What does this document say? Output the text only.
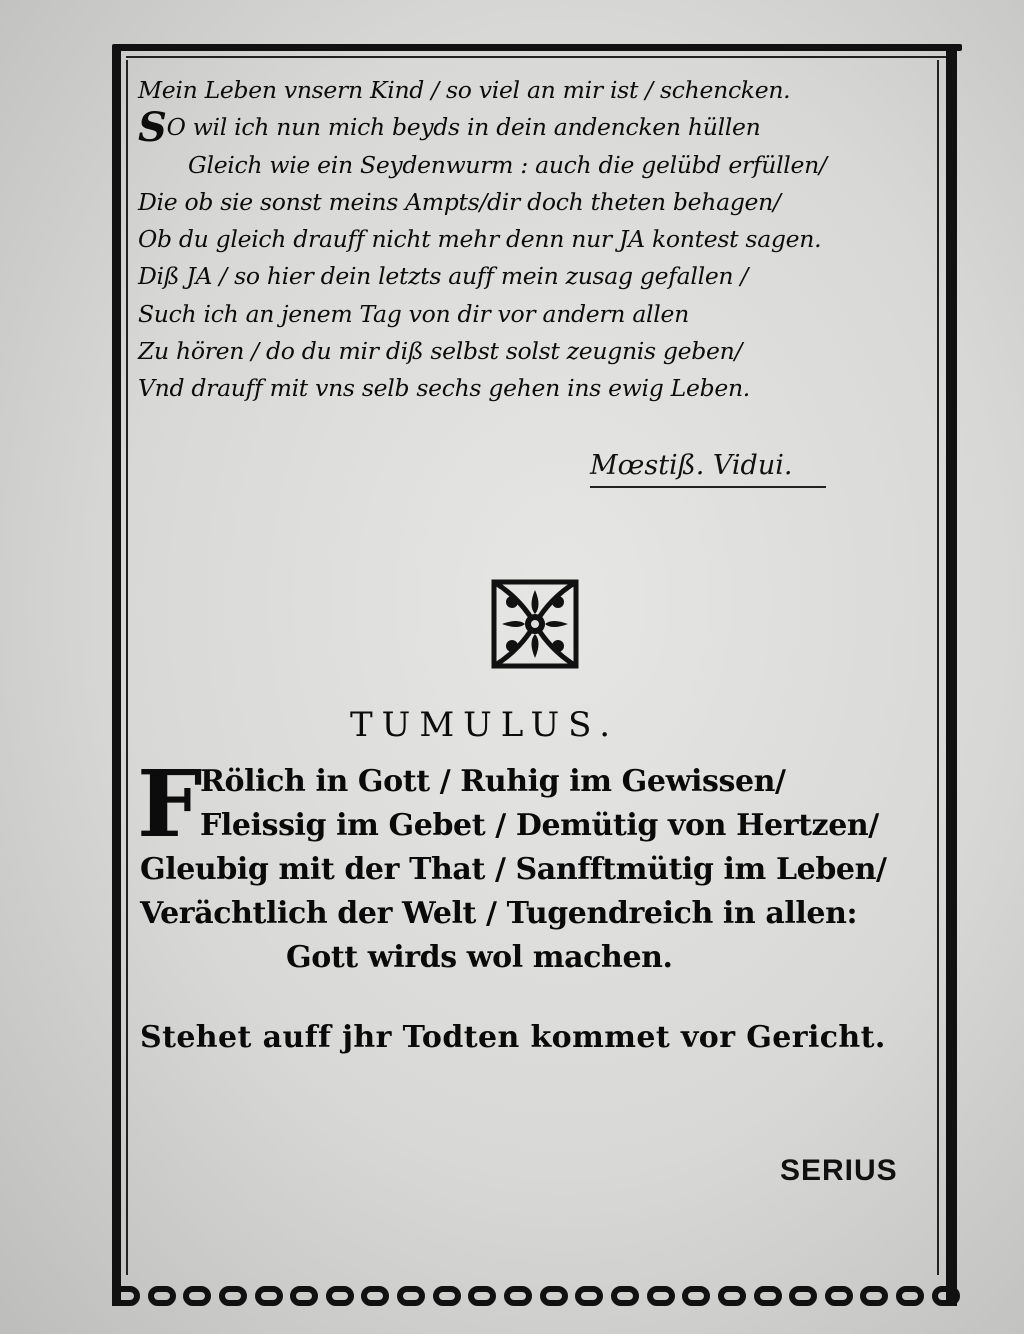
Mein Leben vnsern Kind / so viel an mir ist / schencken.
SO wil ich nun mich beyds in dein andencken hüllen
Gleich wie ein Seydenwurm : auch die gelübd erfüllen/
Die ob sie sonst meins Ampts/dir doch theten behagen/
Ob du gleich drauff nicht mehr denn nur JA kontest sagen.
Diß JA / so hier dein letzts auff mein zusag gefallen /
Such ich an jenem Tag von dir vor andern allen
Zu hören / do du mir diß selbst solst zeugnis geben/
Vnd drauff mit vns selb sechs gehen ins ewig Leben.
Mœstiß. Vidui.
TUMULUS.
F
Rölich in Gott / Ruhig im Gewissen/
Fleissig im Gebet / Demütig von Hertzen/
Gleubig mit der That / Sanfftmütig im Leben/
Verächtlich der Welt / Tugendreich in allen:
Gott wirds wol machen.
Stehet auff jhr Todten kommet vor Gericht.
SERIUS
